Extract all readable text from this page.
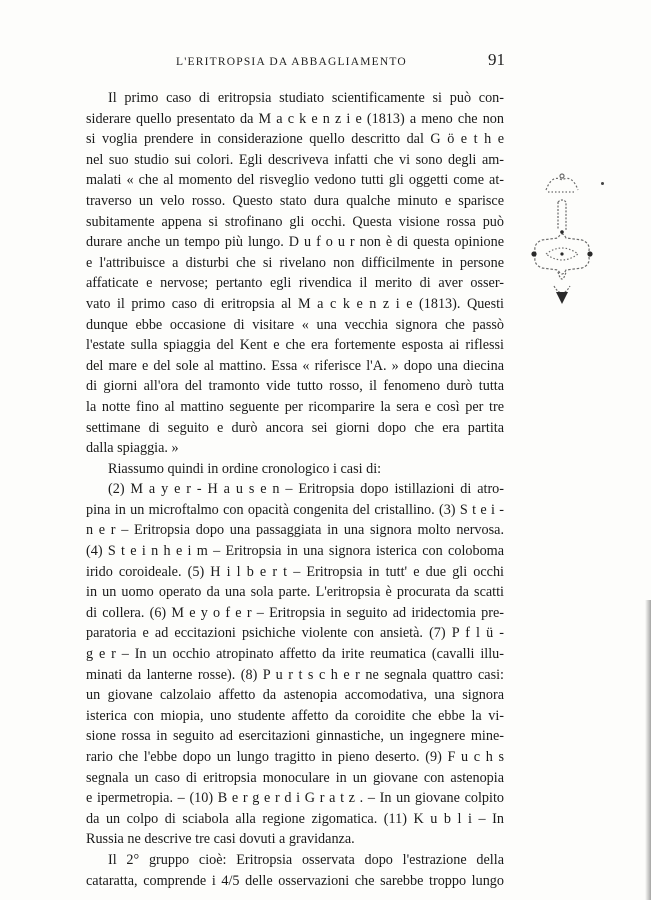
L'ERITROPSIA DA ABBAGLIAMENTO	91
Il primo caso di eritropsia studiato scientificamente si può con-
siderare quello presentato da M a c k e n z i e (1813) a meno che non
si voglia prendere in considerazione quello descritto dal G ö e t h e
nel suo studio sui colori. Egli descriveva infatti che vi sono degli am-
malati « che al momento del risveglio vedono tutti gli oggetti come at-
traverso un velo rosso. Questo stato dura qualche minuto e sparisce
subitamente appena si strofinano gli occhi. Questa visione rossa può
durare anche un tempo più lungo. D u f o u r non è di questa opinione
e l'attribuisce a disturbi che si rivelano non difficilmente in persone
affaticate e nervose; pertanto egli rivendica il merito di aver osser-
vato il primo caso di eritropsia al M a c k e n z i e (1813). Questi
dunque ebbe occasione di visitare « una vecchia signora che passò
l'estate sulla spiaggia del Kent e che era fortemente esposta ai riflessi
del mare e del sole al mattino. Essa « riferisce l'A. » dopo una diecina
di giorni all'ora del tramonto vide tutto rosso, il fenomeno durò tutta
la notte fino al mattino seguente per ricomparire la sera e così per tre
settimane di seguito e durò ancora sei giorni dopo che era partita
dalla spiaggia. »
Riassumo quindi in ordine cronologico i casi di:
(2) M a y e r - H a u s e n – Eritropsia dopo istillazioni di atro-
pina in un microftalmo con opacità congenita del cristallino. (3) S t e i -
n e r – Eritropsia dopo una passaggiata in una signora molto nervosa.
(4) S t e i n h e i m – Eritropsia in una signora isterica con coloboma
irido coroideale. (5) H i l b e r t – Eritropsia in tutt' e due gli occhi
in un uomo operato da una sola parte. L'eritropsia è procurata da scatti
di collera. (6) M e y o f e r – Eritropsia in seguito ad iridectomia pre-
paratoria e ad eccitazioni psichiche violente con ansietà. (7) P f l ü -
g e r – In un occhio atropinato affetto da irite reumatica (cavalli illu-
minati da lanterne rosse). (8) P u r t s c h e r ne segnala quattro casi:
un giovane calzolaio affetto da astenopia accomodativa, una signora
isterica con miopia, uno studente affetto da coroidite che ebbe la vi-
sione rossa in seguito ad esercitazioni ginnastiche, un ingegnere mine-
rario che l'ebbe dopo un lungo tragitto in pieno deserto. (9) F u c h s
segnala un caso di eritropsia monoculare in un giovane con astenopia
e ipermetropia. – (10) B e r g e r d i G r a t z . – In un giovane colpito
da un colpo di sciabola alla regione zigomatica. (11) K u b l i – In
Russia ne descrive tre casi dovuti a gravidanza.
Il 2° gruppo cioè: Eritropsia osservata dopo l'estrazione della
cataratta, comprende i 4/5 delle osservazioni che sarebbe troppo lungo
